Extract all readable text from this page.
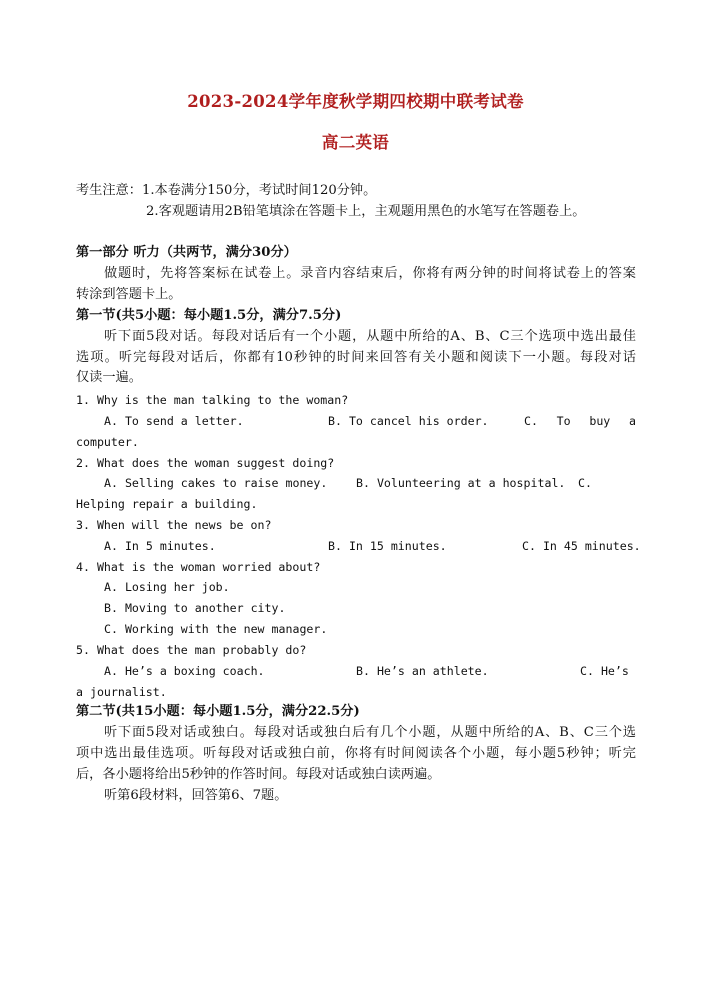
2023-2024学年度秋学期四校期中联考试卷
高二英语
考生注意：1.本卷满分150分，考试时间120分钟。
2.客观题请用2B铅笔填涂在答题卡上，主观题用黑色的水笔写在答题卷上。
第一部分 听力（共两节，满分30分）
做题时，先将答案标在试卷上。录音内容结束后，你将有两分钟的时间将试卷上的答案
转涂到答题卡上。
第一节(共5小题：每小题1.5分，满分7.5分)
听下面5段对话。每段对话后有一个小题，从题中所给的A、B、C三个选项中选出最佳
选项。听完每段对话后，你都有10秒钟的时间来回答有关小题和阅读下一小题。每段对话
仅读一遍。
1. Why is the man talking to the woman?
A. To send a letter.	B. To cancel his order.	C. To buy a
computer.
2. What does the woman suggest doing?
A. Selling cakes to raise money. B. Volunteering at a hospital. C.
Helping repair a building.
3. When will the news be on?
A. In 5 minutes.	B. In 15 minutes.	C. In 45 minutes.
4. What is the woman worried about?
A. Losing her job.
B. Moving to another city.
C. Working with the new manager.
5. What does the man probably do?
A. He’s a boxing coach.	B. He’s an athlete.	C. He’s
a journalist.
第二节(共15小题：每小题1.5分，满分22.5分)
听下面5段对话或独白。每段对话或独白后有几个小题，从题中所给的A、B、C三个选
项中选出最佳选项。听每段对话或独白前，你将有时间阅读各个小题，每小题5秒钟；听完
后，各小题将给出5秒钟的作答时间。每段对话或独白读两遍。
听第6段材料，回答第6、7题。
